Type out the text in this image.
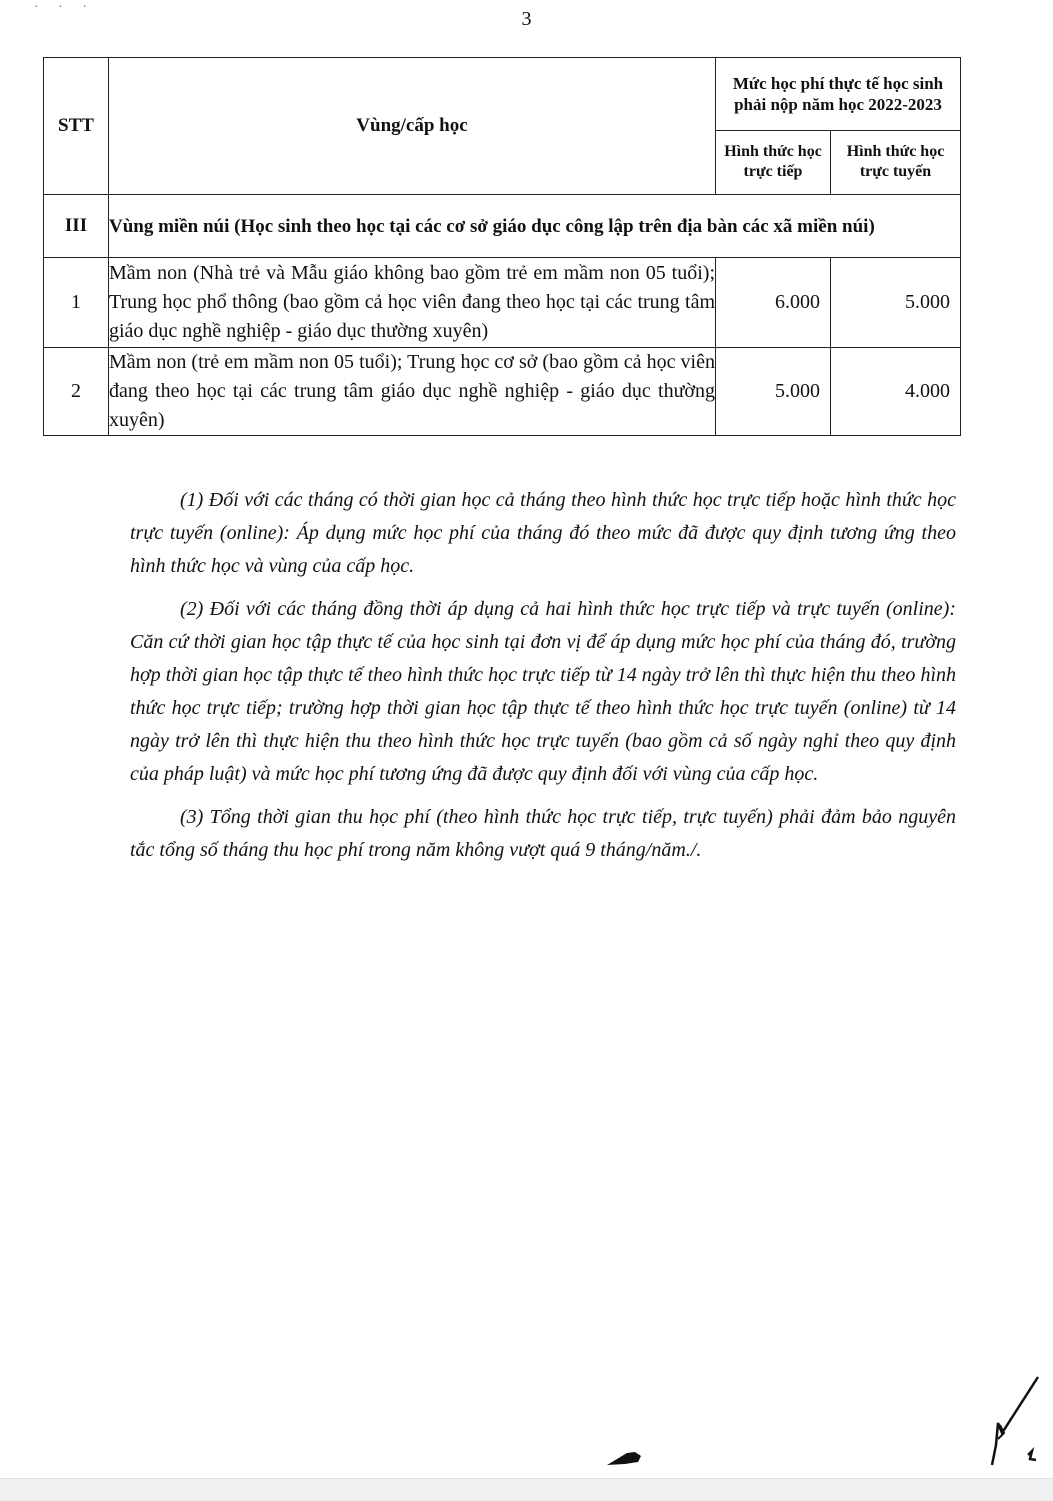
· · ·
3
STT	Vùng/cấp học	Mức học phí thực tế học sinh phải nộp năm học 2022-2023	
		Hình thức học trực tiếp	Hình thức học trực tuyến
III	Vùng miền núi (Học sinh theo học tại các cơ sở giáo dục công lập trên địa bàn các xã miền núi)		
1	Mầm non (Nhà trẻ và Mẫu giáo không bao gồm trẻ em mầm non 05 tuổi); Trung học phổ thông (bao gồm cả học viên đang theo học tại các trung tâm giáo dục nghề nghiệp - giáo dục thường xuyên)	6.000	5.000
2	Mầm non (trẻ em mầm non 05 tuổi); Trung học cơ sở (bao gồm cả học viên đang theo học tại các trung tâm giáo dục nghề nghiệp - giáo dục thường xuyên)	5.000	4.000

(1) Đối với các tháng có thời gian học cả tháng theo hình thức học trực tiếp hoặc hình thức học trực tuyến (online): Áp dụng mức học phí của tháng đó theo mức đã được quy định tương ứng theo hình thức học và vùng của cấp học.

(2) Đối với các tháng đồng thời áp dụng cả hai hình thức học trực tiếp và trực tuyến (online): Căn cứ thời gian học tập thực tế của học sinh tại đơn vị để áp dụng mức học phí của tháng đó, trường hợp thời gian học tập thực tế theo hình thức học trực tiếp từ 14 ngày trở lên thì thực hiện thu theo hình thức học trực tiếp; trường hợp thời gian học tập thực tế theo hình thức học trực tuyến (online) từ 14 ngày trở lên thì thực hiện thu theo hình thức học trực tuyến (bao gồm cả số ngày nghỉ theo quy định của pháp luật) và mức học phí tương ứng đã được quy định đối với vùng của cấp học.

(3) Tổng thời gian thu học phí (theo hình thức học trực tiếp, trực tuyến) phải đảm bảo nguyên tắc tổng số tháng thu học phí trong năm không vượt quá 9 tháng/năm./.
